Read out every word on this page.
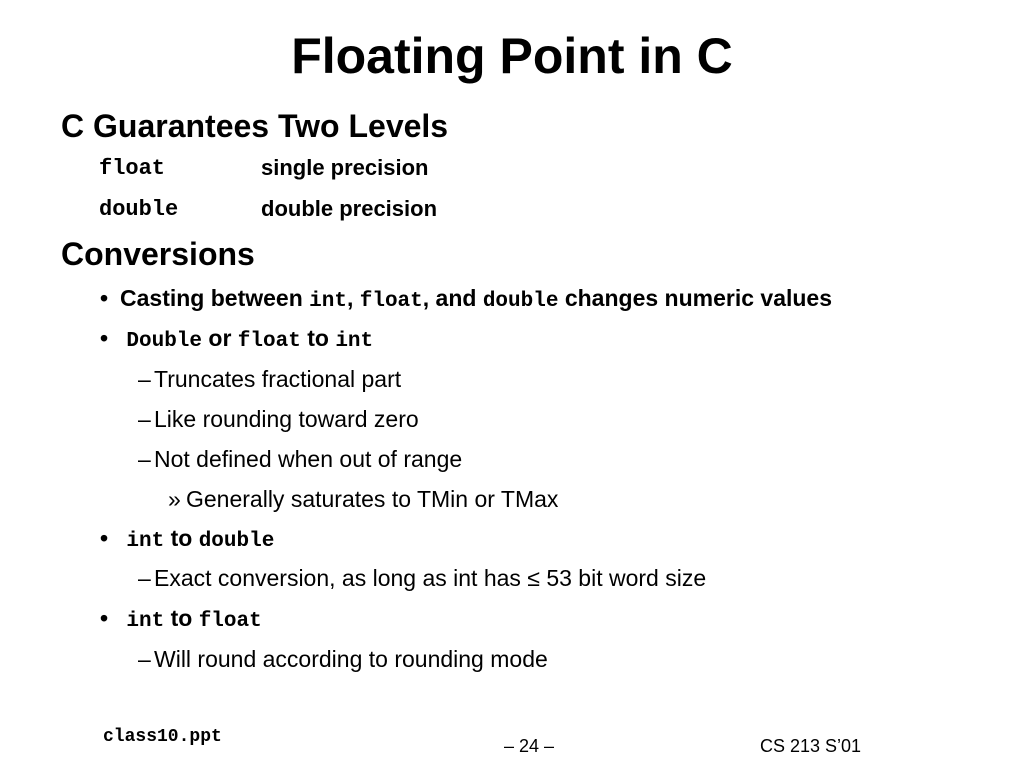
Floating Point in C
C Guarantees Two Levels
float	single precision
double	double precision
Conversions
• Casting between int, float, and double changes numeric values
• Double or float to int
– Truncates fractional part
– Like rounding toward zero
– Not defined when out of range
» Generally saturates to TMin or TMax
• int to double
– Exact conversion, as long as int has ≤ 53 bit word size
• int to float
– Will round according to rounding mode
class10.ppt	– 24 –	CS 213 S’01
